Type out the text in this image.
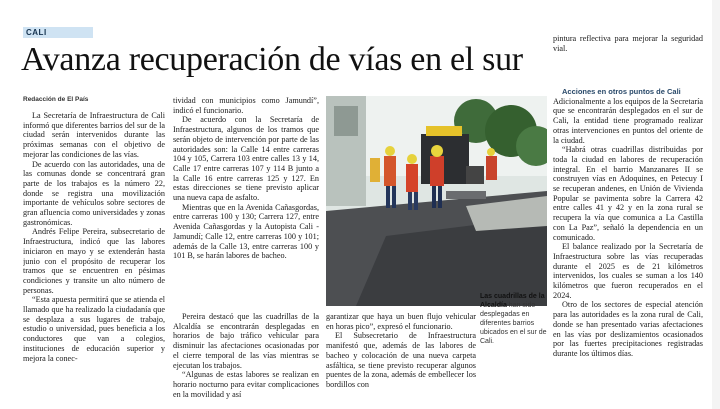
CALI
Avanza recuperación de vías en el sur
Redacción de El País

La Secretaría de Infraestructura de Cali informó que diferentes barrios del sur de la ciudad serán intervenidos durante las próximas semanas con el objetivo de mejorar las condiciones de las vías.

De acuerdo con las autoridades, una de las comunas donde se concentrará gran parte de los trabajos es la número 22, donde se registra una movilización importante de vehículos sobre sectores de gran afluencia como universidades y zonas gastronómicas.

Andrés Felipe Pereira, subsecretario de Infraestructura, indicó que las labores iniciaron en mayo y se extenderán hasta junio con el propósito de recuperar los tramos que se encuentren en pésimas condiciones y transite un alto número de personas.

“Esta apuesta permitirá que se atienda el llamado que ha realizado la ciudadanía que se desplaza a sus lugares de trabajo, estudio o universidad, pues beneficia a los conductores que van a colegios, instituciones de educación superior y mejora la conec-

tividad con municipios como Jamundí”, indicó el funcionario.

De acuerdo con la Secretaría de Infraestructura, algunos de los tramos que serán objeto de intervención por parte de las autoridades son: la Calle 14 entre carreras 104 y 105, Carrera 103 entre calles 13 y 14, Calle 17 entre carreras 107 y 114 B junto a la Calle 16 entre carreras 125 y 127. En estas direcciones se tiene previsto aplicar una nueva capa de asfalto.

Mientras que en la Avenida Cañasgordas, entre carreras 100 y 130; Carrera 127, entre Avenida Cañasgordas y la Autopista Cali - Jamundí; Calle 12, entre carreras 100 y 101; además de la Calle 13, entre carreras 100 y 101 B, se harán labores de bacheo.

Pereira destacó que las cuadrillas de la Alcaldía se encontrarán desplegadas en horarios de bajo tráfico vehicular para disminuir las afectaciones ocasionadas por el cierre temporal de las vías mientras se ejecutan los trabajos.

“Algunas de estas labores se realizan en horario nocturno para evitar complicaciones en la movilidad y así

garantizar que haya un buen flujo vehicular en horas pico”, expresó el funcionario.

El Subsecretario de Infraestructura manifestó que, además de las labores de bacheo y colocación de una nueva carpeta asfáltica, se tiene previsto recuperar algunos puentes de la zona, además de embellecer los bordillos con

Las cuadrillas de la Alcaldía han sido desplegadas en diferentes barrios ubicados en el sur de Cali.

pintura reflectiva para mejorar la seguridad vial.

Acciones en otros puntos de Cali

Adicionalmente a los equipos de la Secretaría que se encontrarán desplegados en el sur de Cali, la entidad tiene programado realizar otras intervenciones en puntos del oriente de la ciudad.

“Habrá otras cuadrillas distribuidas por toda la ciudad en labores de recuperación integral. En el barrio Manzanares II se construyen vías en Adoquines, en Petecuy I se recuperan andenes, en Unión de Vivienda Popular se pavimenta sobre la Carrera 42 entre calles 41 y 42 y en la zona rural se recupera la vía que comunica a La Castilla con La Paz”, señaló la dependencia en un comunicado.

El balance realizado por la Secretaría de Infraestructura sobre las vías recuperadas durante el 2025 es de 21 kilómetros intervenidos, los cuales se suman a los 140 kilómetros que fueron recuperados en el 2024.

Otro de los sectores de especial atención para las autoridades es la zona rural de Cali, donde se han presentado varias afectaciones en las vías por deslizamientos ocasionados por las fuertes precipitaciones registradas durante los últimos días.
